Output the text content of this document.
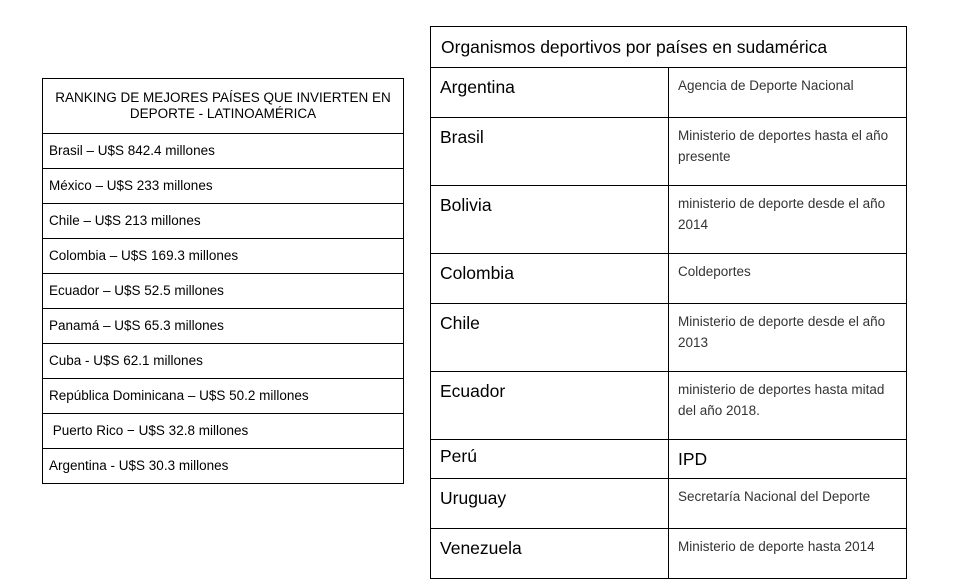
RANKING DE MEJORES PAÍSES QUE INVIERTEN EN DEPORTE - LATINOAMÉRICA
Brasil – U$S 842.4 millones
México – U$S 233 millones
Chile – U$S 213 millones
Colombia – U$S 169.3 millones
Ecuador – U$S 52.5 millones
Panamá – U$S 65.3 millones
Cuba - U$S 62.1 millones
República Dominicana – U$S 50.2 millones
Puerto Rico − U$S 32.8 millones
Argentina - U$S 30.3 millones
Organismos deportivos por países en sudamérica	
Argentina	Agencia de Deporte Nacional
Brasil	Ministerio de deportes hasta el año presente
Bolivia	ministerio de deporte desde el año 2014
Colombia	Coldeportes
Chile	Ministerio de deporte desde el año 2013
Ecuador	ministerio de deportes hasta mitad del año 2018.
Perú	IPD
Uruguay	Secretaría Nacional del Deporte
Venezuela	Ministerio de deporte hasta 2014
